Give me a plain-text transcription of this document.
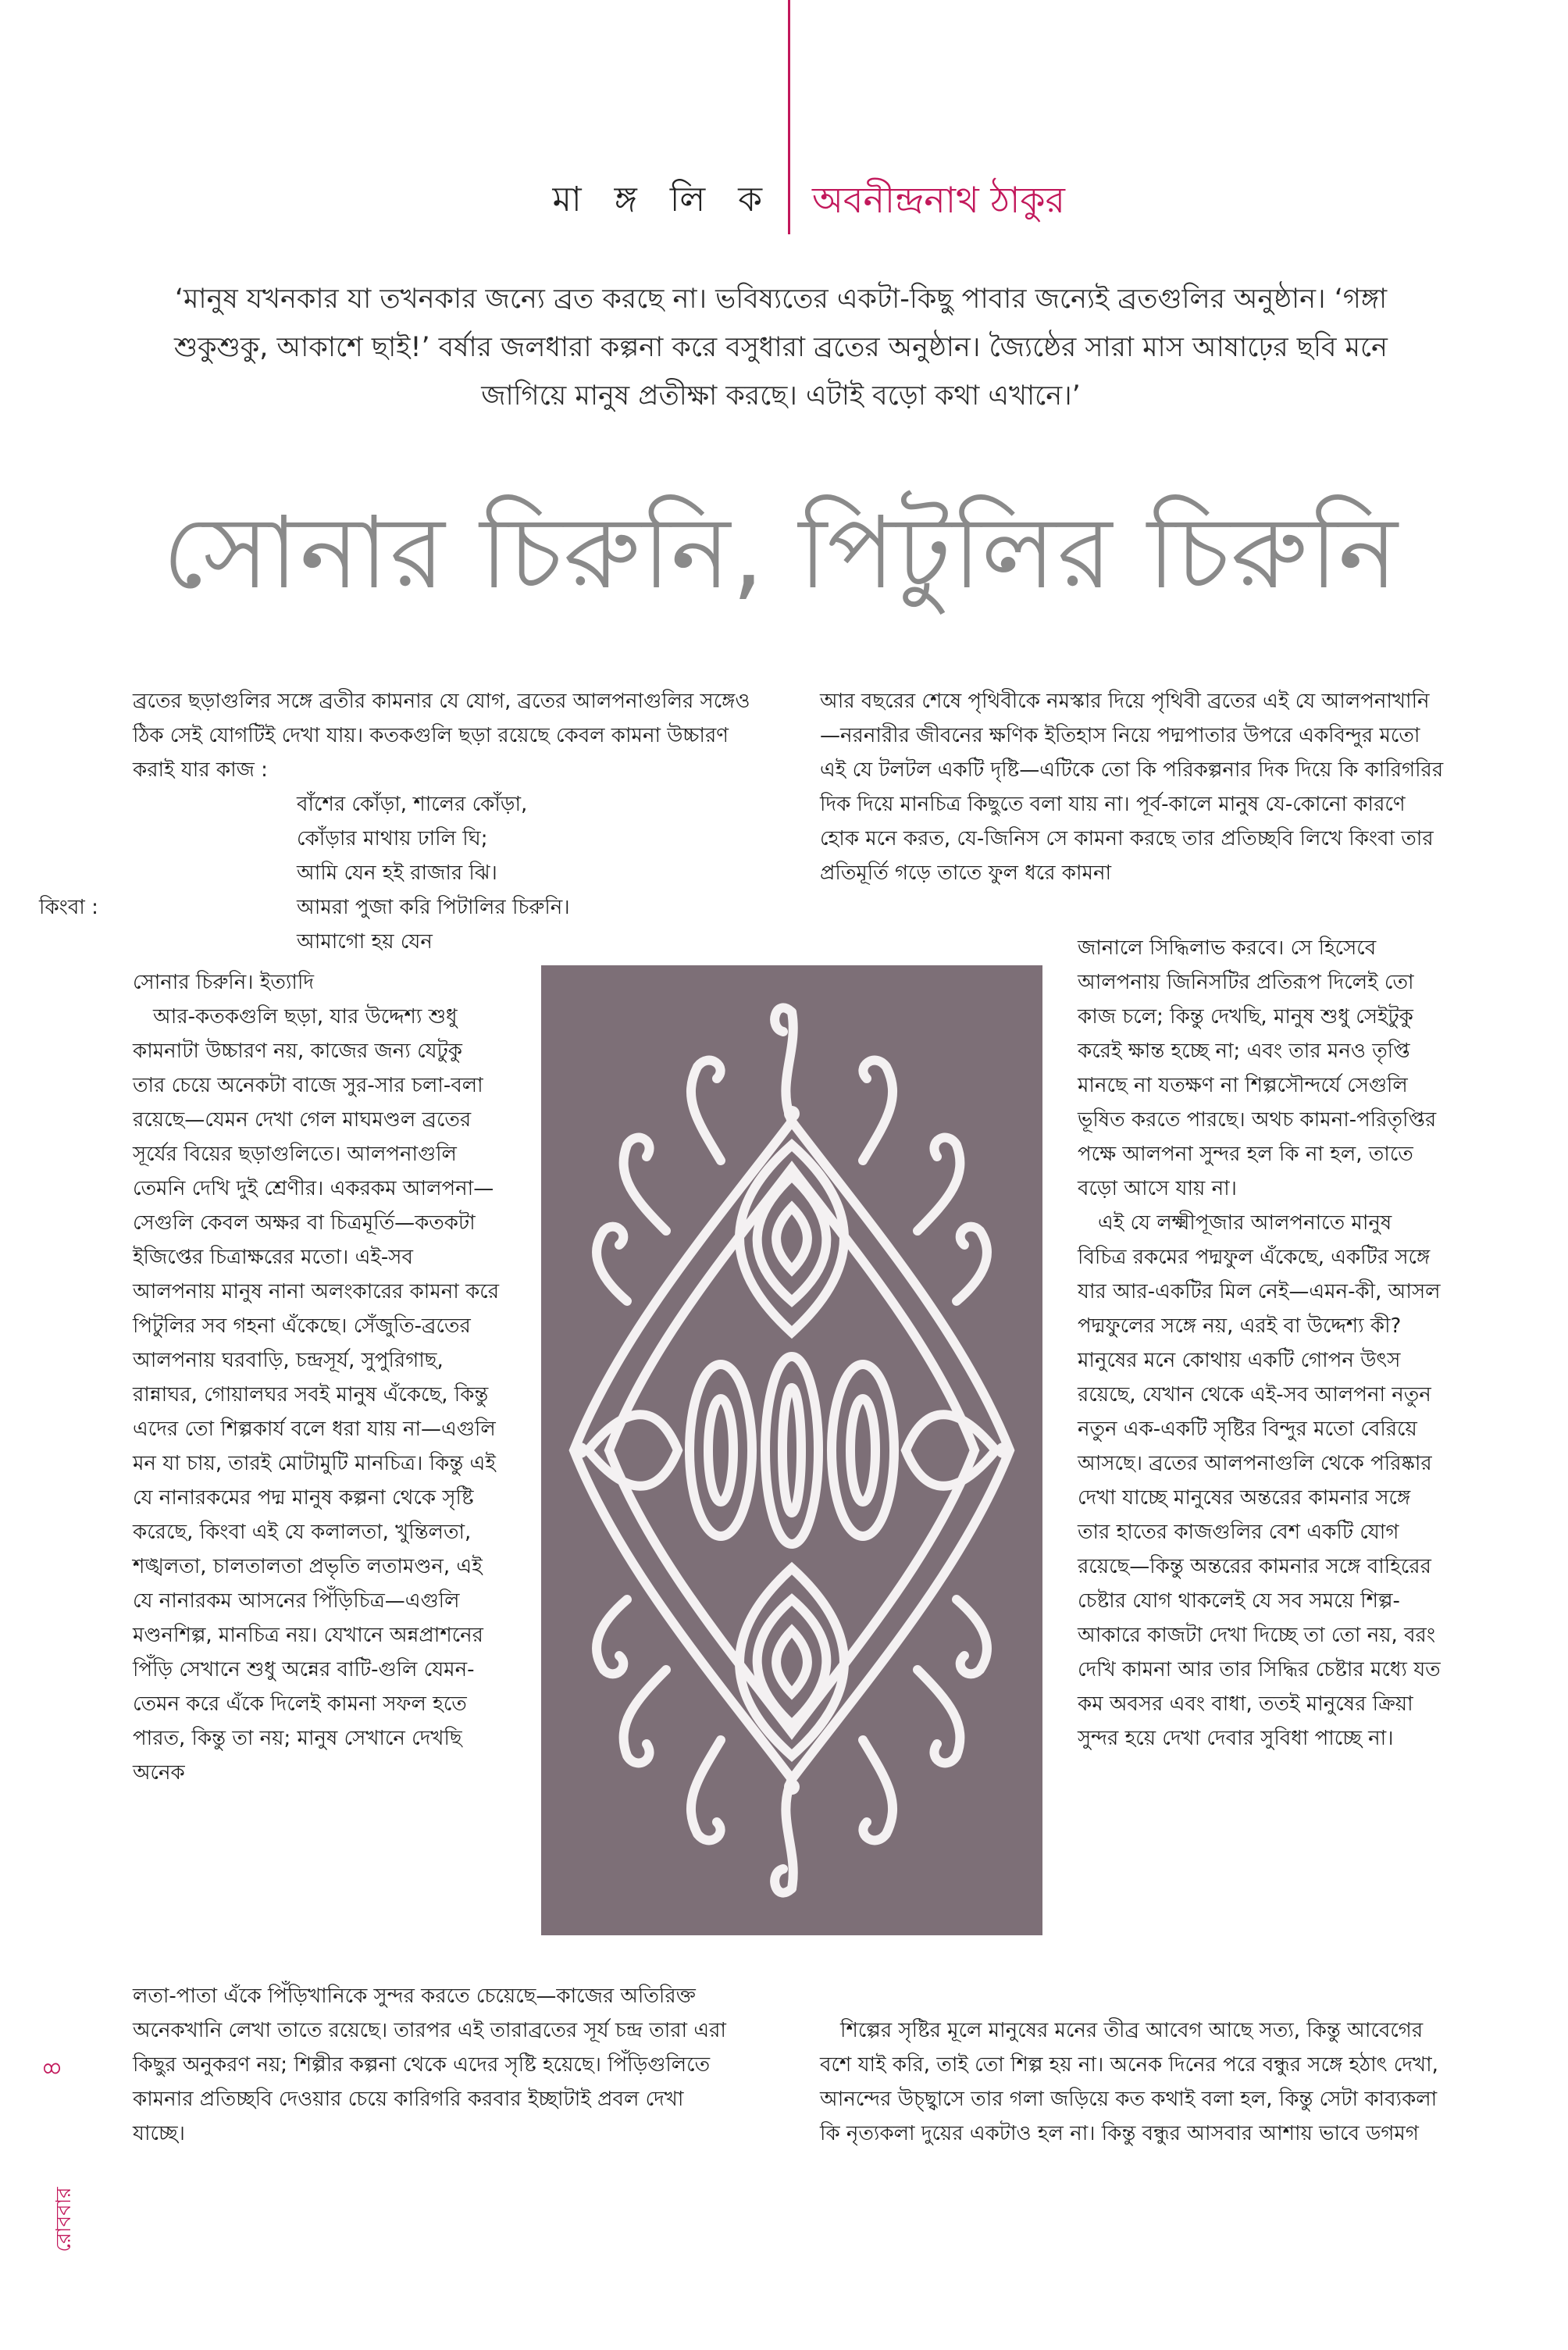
মা ঙ্গ লি ক অবনীন্দ্রনাথ ঠাকুর
‘মানুষ যখনকার যা তখনকার জন্যে ব্রত করছে না। ভবিষ্যতের একটা-কিছু পাবার জন্যেই ব্রতগুলির অনুষ্ঠান। ‘গঙ্গা শুকুশুকু, আকাশে ছাই!’ বর্ষার জলধারা কল্পনা করে বসুধারা ব্রতের অনুষ্ঠান। জ্যৈষ্ঠের সারা মাস আষাঢ়ের ছবি মনে জাগিয়ে মানুষ প্রতীক্ষা করছে। এটাই বড়ো কথা এখানে।’
সোনার চিরুনি, পিটুলির চিরুনি

ব্রতের ছড়াগুলির সঙ্গে ব্রতীর কামনার যে যোগ, ব্রতের আলপনাগুলির সঙ্গেও ঠিক সেই যোগটিই দেখা যায়। কতকগুলি ছড়া রয়েছে কেবল কামনা উচ্চারণ করাই যার কাজ :

বাঁশের কোঁড়া, শালের কোঁড়া,

কোঁড়ার মাথায় ঢালি ঘি;

আমি যেন হই রাজার ঝি।

কিংবা :	আমরা পুজা করি পিটালির চিরুনি।

আমাগো হয় যেন

সোনার চিরুনি। ইত্যাদি

আর-কতকগুলি ছড়া, যার উদ্দেশ্য শুধু কামনাটা উচ্চারণ নয়, কাজের জন্য যেটুকু তার চেয়ে অনেকটা বাজে সুর-সার চলা-বলা রয়েছে—যেমন দেখা গেল মাঘমণ্ডল ব্রতের সূর্যের বিয়ের ছড়াগুলিতে। আলপনাগুলি তেমনি দেখি দুই শ্রেণীর। একরকম আলপনা—সেগুলি কেবল অক্ষর বা চিত্রমূর্তি—কতকটা ইজিপ্তের চিত্রাক্ষরের মতো। এই-সব আলপনায় মানুষ নানা অলংকারের কামনা করে পিটুলির সব গহনা এঁকেছে। সেঁজুতি-ব্রতের আলপনায় ঘরবাড়ি, চন্দ্রসূর্য, সুপুরিগাছ, রান্নাঘর, গোয়ালঘর সবই মানুষ এঁকেছে, কিন্তু এদের তো শিল্পকার্য বলে ধরা যায় না—এগুলি মন যা চায়, তারই মোটামুটি মানচিত্র। কিন্তু এই যে নানারকমের পদ্ম মানুষ কল্পনা থেকে সৃষ্টি করেছে, কিংবা এই যে কলালতা, খুন্তিলতা, শঙ্খলতা, চালতালতা প্রভৃতি লতামণ্ডন, এই যে নানারকম আসনের পিঁড়িচিত্র—এগুলি মণ্ডনশিল্প, মানচিত্র নয়। যেখানে অন্নপ্রাশনের পিঁড়ি সেখানে শুধু অন্নের বাটি-গুলি যেমন-তেমন করে এঁকে দিলেই কামনা সফল হতে পারত, কিন্তু তা নয়; মানুষ সেখানে দেখছি অনেক

লতা-পাতা এঁকে পিঁড়িখানিকে সুন্দর করতে চেয়েছে—কাজের অতিরিক্ত অনেকখানি লেখা তাতে রয়েছে। তারপর এই তারাব্রতের সূর্য চন্দ্র তারা এরা কিছুর অনুকরণ নয়; শিল্পীর কল্পনা থেকে এদের সৃষ্টি হয়েছে। পিঁড়িগুলিতে কামনার প্রতিচ্ছবি দেওয়ার চেয়ে কারিগরি করবার ইচ্ছাটাই প্রবল দেখা যাচ্ছে।

আর বছরের শেষে পৃথিবীকে নমস্কার দিয়ে পৃথিবী ব্রতের এই যে আলপনাখানি—নরনারীর জীবনের ক্ষণিক ইতিহাস নিয়ে পদ্মপাতার উপরে একবিন্দুর মতো এই যে টলটল একটি দৃষ্টি—এটিকে তো কি পরিকল্পনার দিক দিয়ে কি কারিগরির দিক দিয়ে মানচিত্র কিছুতে বলা যায় না। পূর্ব-কালে মানুষ যে-কোনো কারণে হোক মনে করত, যে-জিনিস সে কামনা করছে তার প্রতিচ্ছবি লিখে কিংবা তার প্রতিমূর্তি গড়ে তাতে ফুল ধরে কামনা

জানালে সিদ্ধিলাভ করবে। সে হিসেবে আলপনায় জিনিসটির প্রতিরূপ দিলেই তো কাজ চলে; কিন্তু দেখছি, মানুষ শুধু সেইটুকু করেই ক্ষান্ত হচ্ছে না; এবং তার মনও তৃপ্তি মানছে না যতক্ষণ না শিল্পসৌন্দর্যে সেগুলি ভূষিত করতে পারছে। অথচ কামনা-পরিতৃপ্তির পক্ষে আলপনা সুন্দর হল কি না হল, তাতে বড়ো আসে যায় না।

এই যে লক্ষ্মীপূজার আলপনাতে মানুষ বিচিত্র রকমের পদ্মফুল এঁকেছে, একটির সঙ্গে যার আর-একটির মিল নেই—এমন-কী, আসল পদ্মফুলের সঙ্গে নয়, এরই বা উদ্দেশ্য কী? মানুষের মনে কোথায় একটি গোপন উৎস রয়েছে, যেখান থেকে এই-সব আলপনা নতুন নতুন এক-একটি সৃষ্টির বিন্দুর মতো বেরিয়ে আসছে। ব্রতের আলপনাগুলি থেকে পরিষ্কার দেখা যাচ্ছে মানুষের অন্তরের কামনার সঙ্গে তার হাতের কাজগুলির বেশ একটি যোগ রয়েছে—কিন্তু অন্তরের কামনার সঙ্গে বাহিরের চেষ্টার যোগ থাকলেই যে সব সময়ে শিল্প-আকারে কাজটা দেখা দিচ্ছে তা তো নয়, বরং দেখি কামনা আর তার সিদ্ধির চেষ্টার মধ্যে যত কম অবসর এবং বাধা, ততই মানুষের ক্রিয়া সুন্দর হয়ে দেখা দেবার সুবিধা পাচ্ছে না।

শিল্পের সৃষ্টির মূলে মানুষের মনের তীব্র আবেগ আছে সত্য, কিন্তু আবেগের বশে যাই করি, তাই তো শিল্প হয় না। অনেক দিনের পরে বন্ধুর সঙ্গে হঠাৎ দেখা, আনন্দের উচ্ছ্বাসে তার গলা জড়িয়ে কত কথাই বলা হল, কিন্তু সেটা কাব্যকলা কি নৃত্যকলা দুয়ের একটাও হল না। কিন্তু বন্ধুর আসবার আশায় ভাবে ডগমগ

৪
রোববার
